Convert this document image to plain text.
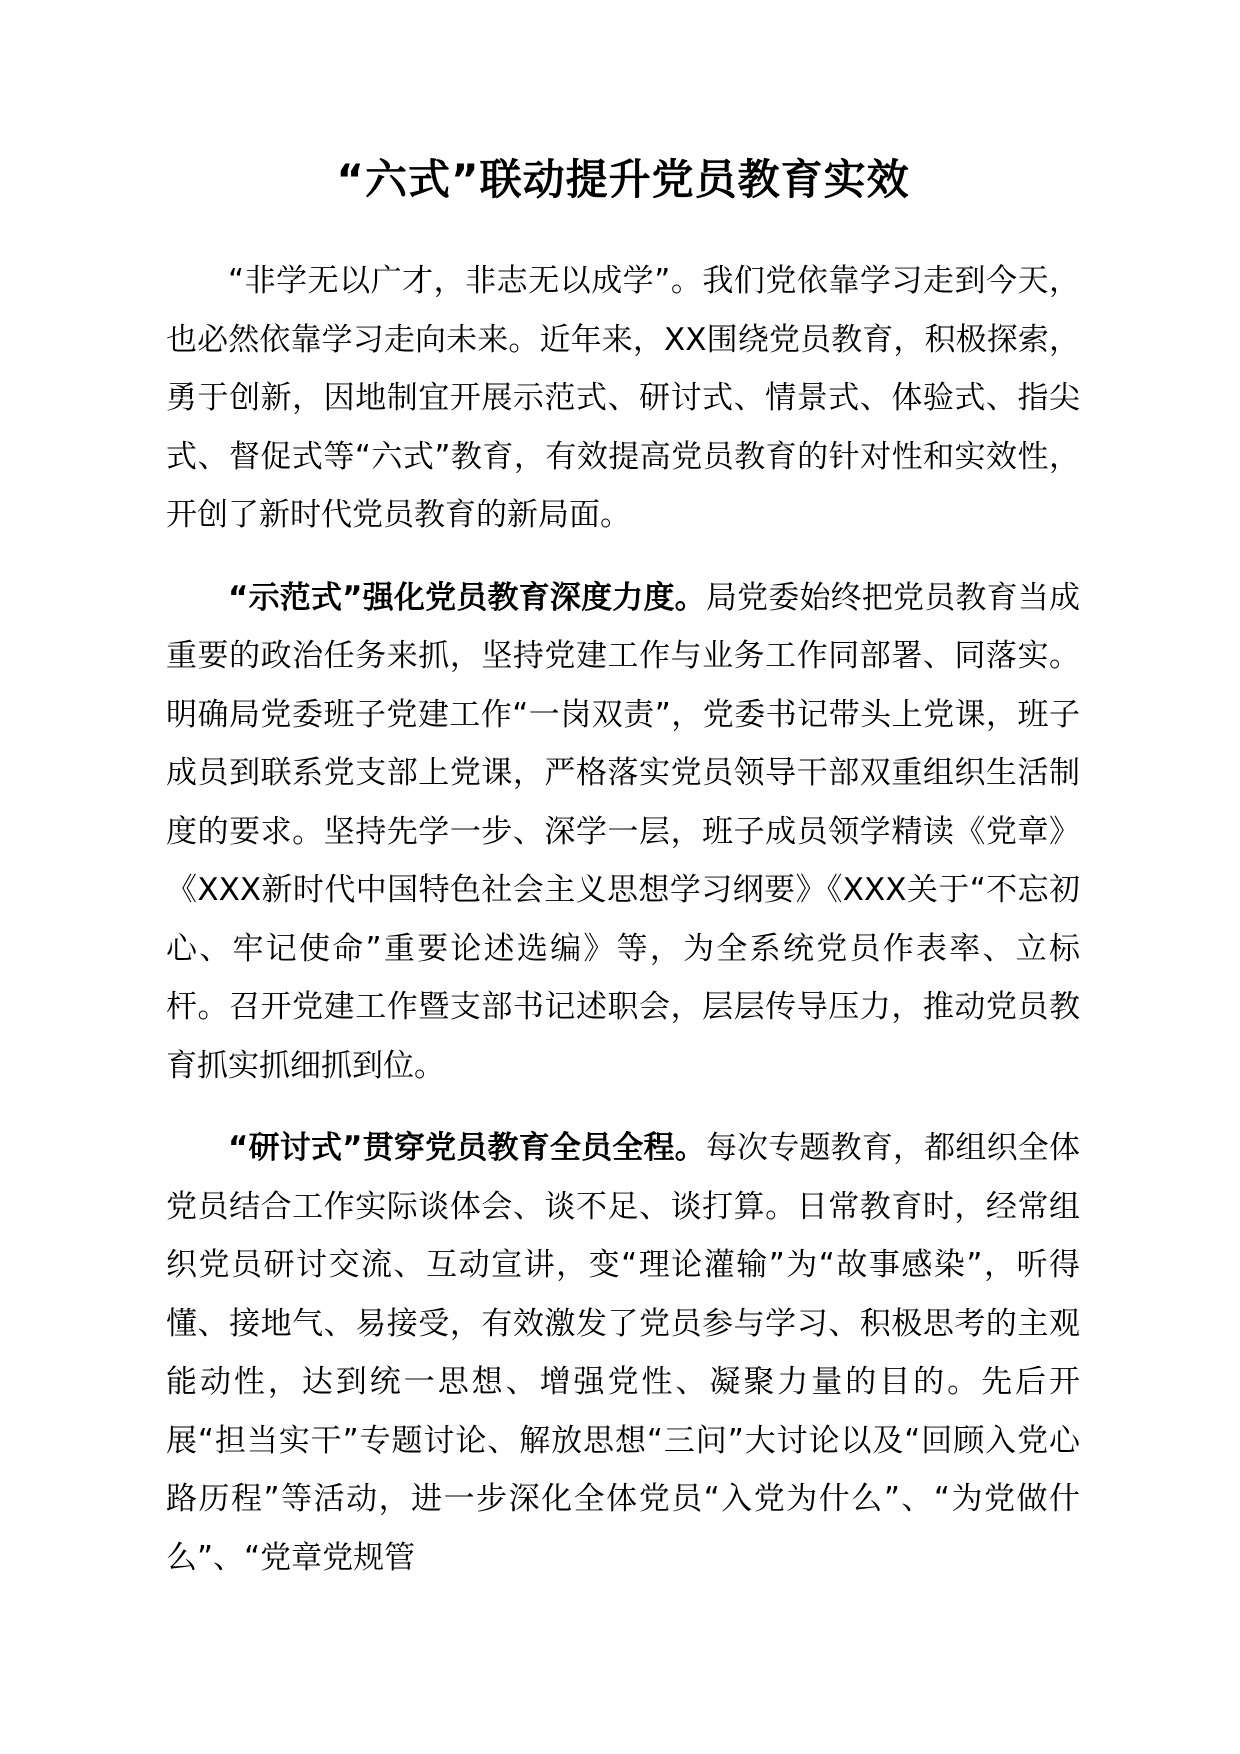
“六式”联动提升党员教育实效

“非学无以广才，非志无以成学”。我们党依靠学习走到今天，也必然依靠学习走向未来。近年来，XX围绕党员教育，积极探索，勇于创新，因地制宜开展示范式、研讨式、情景式、体验式、指尖式、督促式等“六式”教育，有效提高党员教育的针对性和实效性，开创了新时代党员教育的新局面。

“示范式”强化党员教育深度力度。局党委始终把党员教育当成重要的政治任务来抓，坚持党建工作与业务工作同部署、同落实。明确局党委班子党建工作“一岗双责”，党委书记带头上党课，班子成员到联系党支部上党课，严格落实党员领导干部双重组织生活制度的要求。坚持先学一步、深学一层，班子成员领学精读《党章》《XXX新时代中国特色社会主义思想学习纲要》《XXX关于“不忘初心、牢记使命”重要论述选编》等，为全系统党员作表率、立标杆。召开党建工作暨支部书记述职会，层层传导压力，推动党员教育抓实抓细抓到位。

“研讨式”贯穿党员教育全员全程。每次专题教育，都组织全体党员结合工作实际谈体会、谈不足、谈打算。日常教育时，经常组织党员研讨交流、互动宣讲，变“理论灌输”为“故事感染”，听得懂、接地气、易接受，有效激发了党员参与学习、积极思考的主观能动性，达到统一思想、增强党性、凝聚力量的目的。先后开展“担当实干”专题讨论、解放思想“三问”大讨论以及“回顾入党心路历程”等活动，进一步深化全体党员“入党为什么”、“为党做什么”、“党章党规管
